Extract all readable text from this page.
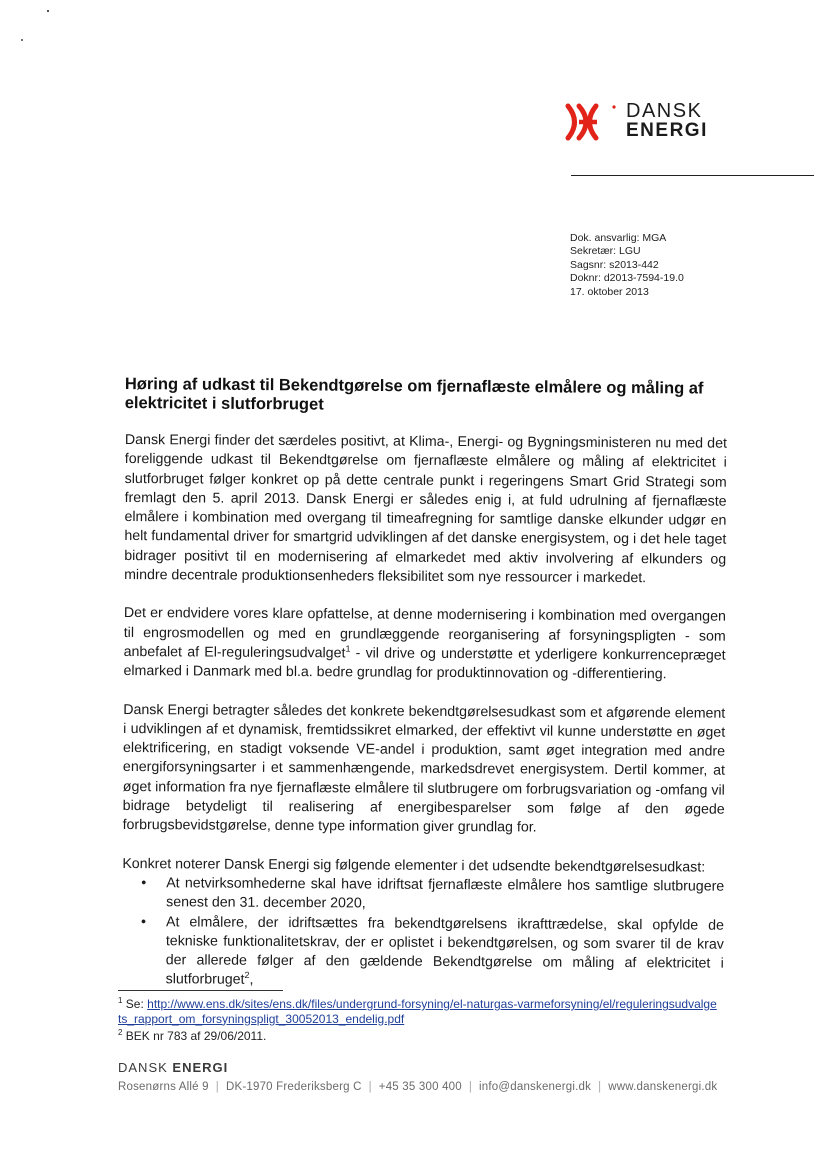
DANSK
ENERGI
Dok. ansvarlig: MGA
Sekretær: LGU
Sagsnr: s2013-442
Doknr: d2013-7594-19.0
17. oktober 2013
Høring af udkast til Bekendtgørelse om fjernaflæste elmålere og måling af elektricitet i slutforbruget

Dansk Energi finder det særdeles positivt, at Klima-, Energi- og Bygningsministeren nu med det foreliggende udkast til Bekendtgørelse om fjernaflæste elmålere og måling af elektricitet i slutforbruget følger konkret op på dette centrale punkt i regeringens Smart Grid Strategi som fremlagt den 5. april 2013. Dansk Energi er således enig i, at fuld udrulning af fjernaflæste elmålere i kombination med overgang til timeafregning for samtlige danske elkunder udgør en helt fundamental driver for smartgrid udviklingen af det danske energisystem, og i det hele taget bidrager positivt til en modernisering af elmarkedet med aktiv involvering af elkunders og mindre decentrale produktionsenheders fleksibilitet som nye ressourcer i markedet.

Det er endvidere vores klare opfattelse, at denne modernisering i kombination med overgangen til engrosmodellen og med en grundlæggende reorganisering af forsyningspligten - som anbefalet af El-reguleringsudvalget$^1$ - vil drive og understøtte et yderligere konkurrencepræget elmarked i Danmark med bl.a. bedre grundlag for produktinnovation og -differentiering.

Dansk Energi betragter således det konkrete bekendtgørelsesudkast som et afgørende element i udviklingen af et dynamisk, fremtidssikret elmarked, der effektivt vil kunne understøtte en øget elektrificering, en stadigt voksende VE-andel i produktion, samt øget integration med andre energiforsyningsarter i et sammenhængende, markedsdrevet energisystem. Dertil kommer, at øget information fra nye fjernaflæste elmålere til slutbrugere om forbrugsvariation og -omfang vil bidrage betydeligt til realisering af energibesparelser som følge af den øgede forbrugsbevidstgørelse, denne type information giver grundlag for.

Konkret noterer Dansk Energi sig følgende elementer i det udsendte bekendtgørelsesudkast:

• At netvirksomhederne skal have idriftsat fjernaflæste elmålere hos samtlige slutbrugere senest den 31. december 2020,
• At elmålere, der idriftsættes fra bekendtgørelsens ikrafttrædelse, skal opfylde de tekniske funktionalitetskrav, der er oplistet i bekendtgørelsen, og som svarer til de krav der allerede følger af den gældende Bekendtgørelse om måling af elektricitet i slutforbruget$^2$,
$^1$ Se: http://www.ens.dk/sites/ens.dk/files/undergrund-forsyning/el-naturgas-varmeforsyning/el/reguleringsudvalgets_rapport_om_forsyningspligt_30052013_endelig.pdf
$^2$ BEK nr 783 af 29/06/2011.
DANSK ENERGI
Rosenørns Allé 9 | DK-1970 Frederiksberg C | +45 35 300 400 | info@danskenergi.dk | www.danskenergi.dk
